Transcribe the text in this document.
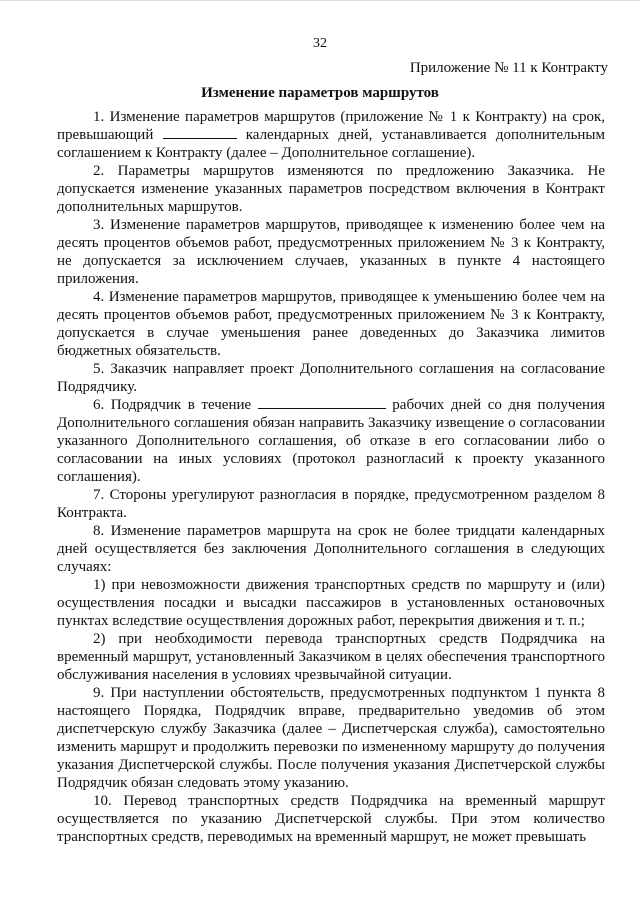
32
Приложение № 11 к Контракту
Изменение параметров маршрутов

1. Изменение параметров маршрутов (приложение № 1 к Контракту) на срок, превышающий	календарных дней, устанавливается дополнительным соглашением к Контракту (далее – Дополнительное соглашение).

2. Параметры маршрутов изменяются по предложению Заказчика. Не допускается изменение указанных параметров посредством включения в Контракт дополнительных маршрутов.

3. Изменение параметров маршрутов, приводящее к изменению более чем на десять процентов объемов работ, предусмотренных приложением № 3 к Контракту, не допускается за исключением случаев, указанных в пункте 4 настоящего приложения.

4. Изменение параметров маршрутов, приводящее к уменьшению более чем на десять процентов объемов работ, предусмотренных приложением № 3 к Контракту, допускается в случае уменьшения ранее доведенных до Заказчика лимитов бюджетных обязательств.

5. Заказчик направляет проект Дополнительного соглашения на согласование Подрядчику.

6. Подрядчик в течение	рабочих дней со дня получения Дополнительного соглашения обязан направить Заказчику извещение о согласовании указанного Дополнительного соглашения, об отказе в его согласовании либо о согласовании на иных условиях (протокол разногласий к проекту указанного соглашения).

7. Стороны урегулируют разногласия в порядке, предусмотренном разделом 8 Контракта.

8. Изменение параметров маршрута на срок не более тридцати календарных дней осуществляется без заключения Дополнительного соглашения в следующих случаях:

1) при невозможности движения транспортных средств по маршруту и (или) осуществления посадки и высадки пассажиров в установленных остановочных пунктах вследствие осуществления дорожных работ, перекрытия движения и т. п.;

2) при необходимости перевода транспортных средств Подрядчика на временный маршрут, установленный Заказчиком в целях обеспечения транспортного обслуживания населения в условиях чрезвычайной ситуации.

9. При наступлении обстоятельств, предусмотренных подпунктом 1 пункта 8 настоящего Порядка, Подрядчик вправе, предварительно уведомив об этом диспетчерскую службу Заказчика (далее – Диспетчерская служба), самостоятельно изменить маршрут и продолжить перевозки по измененному маршруту до получения указания Диспетчерской службы. После получения указания Диспетчерской службы Подрядчик обязан следовать этому указанию.

10. Перевод транспортных средств Подрядчика на временный маршрут осуществляется по указанию Диспетчерской службы. При этом количество транспортных средств, переводимых на временный маршрут, не может превышать
